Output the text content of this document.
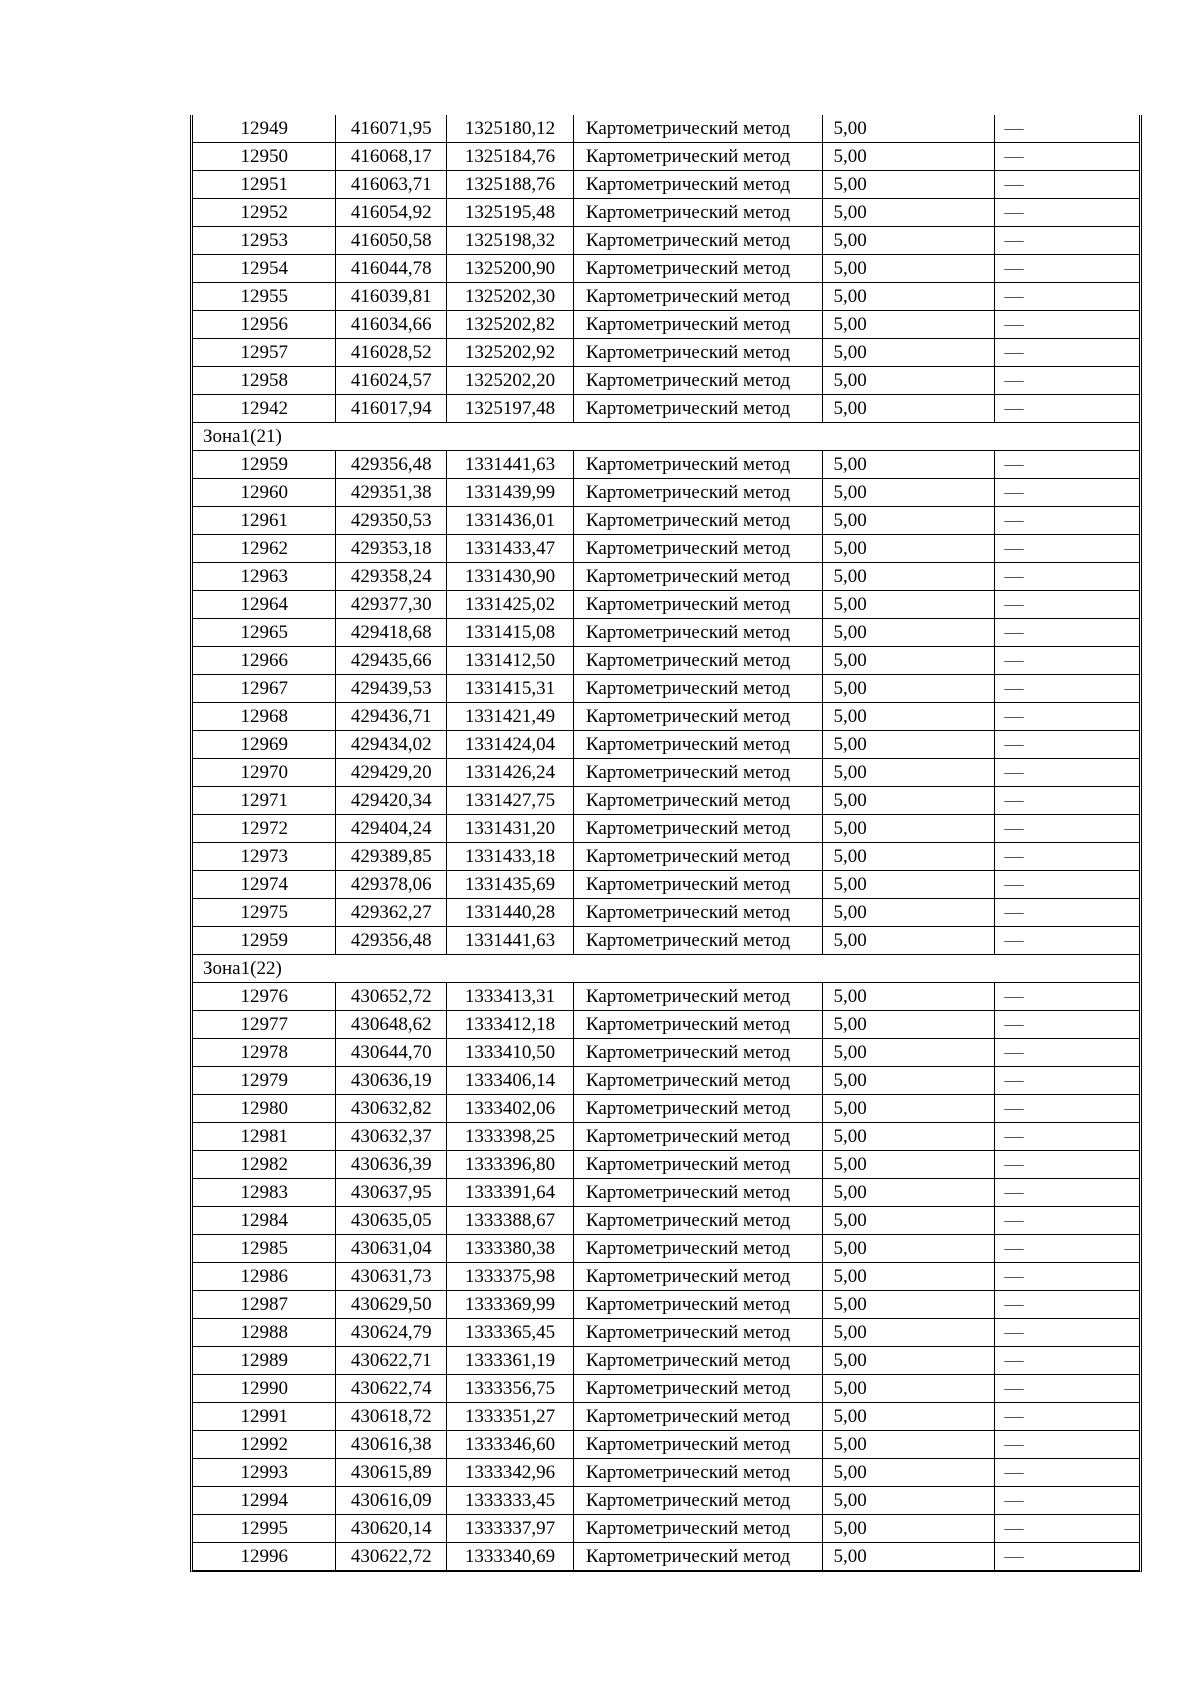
12949	416071,95	1325180,12	Картометрический метод	5,00	—
12950	416068,17	1325184,76	Картометрический метод	5,00	—
12951	416063,71	1325188,76	Картометрический метод	5,00	—
12952	416054,92	1325195,48	Картометрический метод	5,00	—
12953	416050,58	1325198,32	Картометрический метод	5,00	—
12954	416044,78	1325200,90	Картометрический метод	5,00	—
12955	416039,81	1325202,30	Картометрический метод	5,00	—
12956	416034,66	1325202,82	Картометрический метод	5,00	—
12957	416028,52	1325202,92	Картометрический метод	5,00	—
12958	416024,57	1325202,20	Картометрический метод	5,00	—
12942	416017,94	1325197,48	Картометрический метод	5,00	—
Зона1(21)					
12959	429356,48	1331441,63	Картометрический метод	5,00	—
12960	429351,38	1331439,99	Картометрический метод	5,00	—
12961	429350,53	1331436,01	Картометрический метод	5,00	—
12962	429353,18	1331433,47	Картометрический метод	5,00	—
12963	429358,24	1331430,90	Картометрический метод	5,00	—
12964	429377,30	1331425,02	Картометрический метод	5,00	—
12965	429418,68	1331415,08	Картометрический метод	5,00	—
12966	429435,66	1331412,50	Картометрический метод	5,00	—
12967	429439,53	1331415,31	Картометрический метод	5,00	—
12968	429436,71	1331421,49	Картометрический метод	5,00	—
12969	429434,02	1331424,04	Картометрический метод	5,00	—
12970	429429,20	1331426,24	Картометрический метод	5,00	—
12971	429420,34	1331427,75	Картометрический метод	5,00	—
12972	429404,24	1331431,20	Картометрический метод	5,00	—
12973	429389,85	1331433,18	Картометрический метод	5,00	—
12974	429378,06	1331435,69	Картометрический метод	5,00	—
12975	429362,27	1331440,28	Картометрический метод	5,00	—
12959	429356,48	1331441,63	Картометрический метод	5,00	—
Зона1(22)					
12976	430652,72	1333413,31	Картометрический метод	5,00	—
12977	430648,62	1333412,18	Картометрический метод	5,00	—
12978	430644,70	1333410,50	Картометрический метод	5,00	—
12979	430636,19	1333406,14	Картометрический метод	5,00	—
12980	430632,82	1333402,06	Картометрический метод	5,00	—
12981	430632,37	1333398,25	Картометрический метод	5,00	—
12982	430636,39	1333396,80	Картометрический метод	5,00	—
12983	430637,95	1333391,64	Картометрический метод	5,00	—
12984	430635,05	1333388,67	Картометрический метод	5,00	—
12985	430631,04	1333380,38	Картометрический метод	5,00	—
12986	430631,73	1333375,98	Картометрический метод	5,00	—
12987	430629,50	1333369,99	Картометрический метод	5,00	—
12988	430624,79	1333365,45	Картометрический метод	5,00	—
12989	430622,71	1333361,19	Картометрический метод	5,00	—
12990	430622,74	1333356,75	Картометрический метод	5,00	—
12991	430618,72	1333351,27	Картометрический метод	5,00	—
12992	430616,38	1333346,60	Картометрический метод	5,00	—
12993	430615,89	1333342,96	Картометрический метод	5,00	—
12994	430616,09	1333333,45	Картометрический метод	5,00	—
12995	430620,14	1333337,97	Картометрический метод	5,00	—
12996	430622,72	1333340,69	Картометрический метод	5,00	—
